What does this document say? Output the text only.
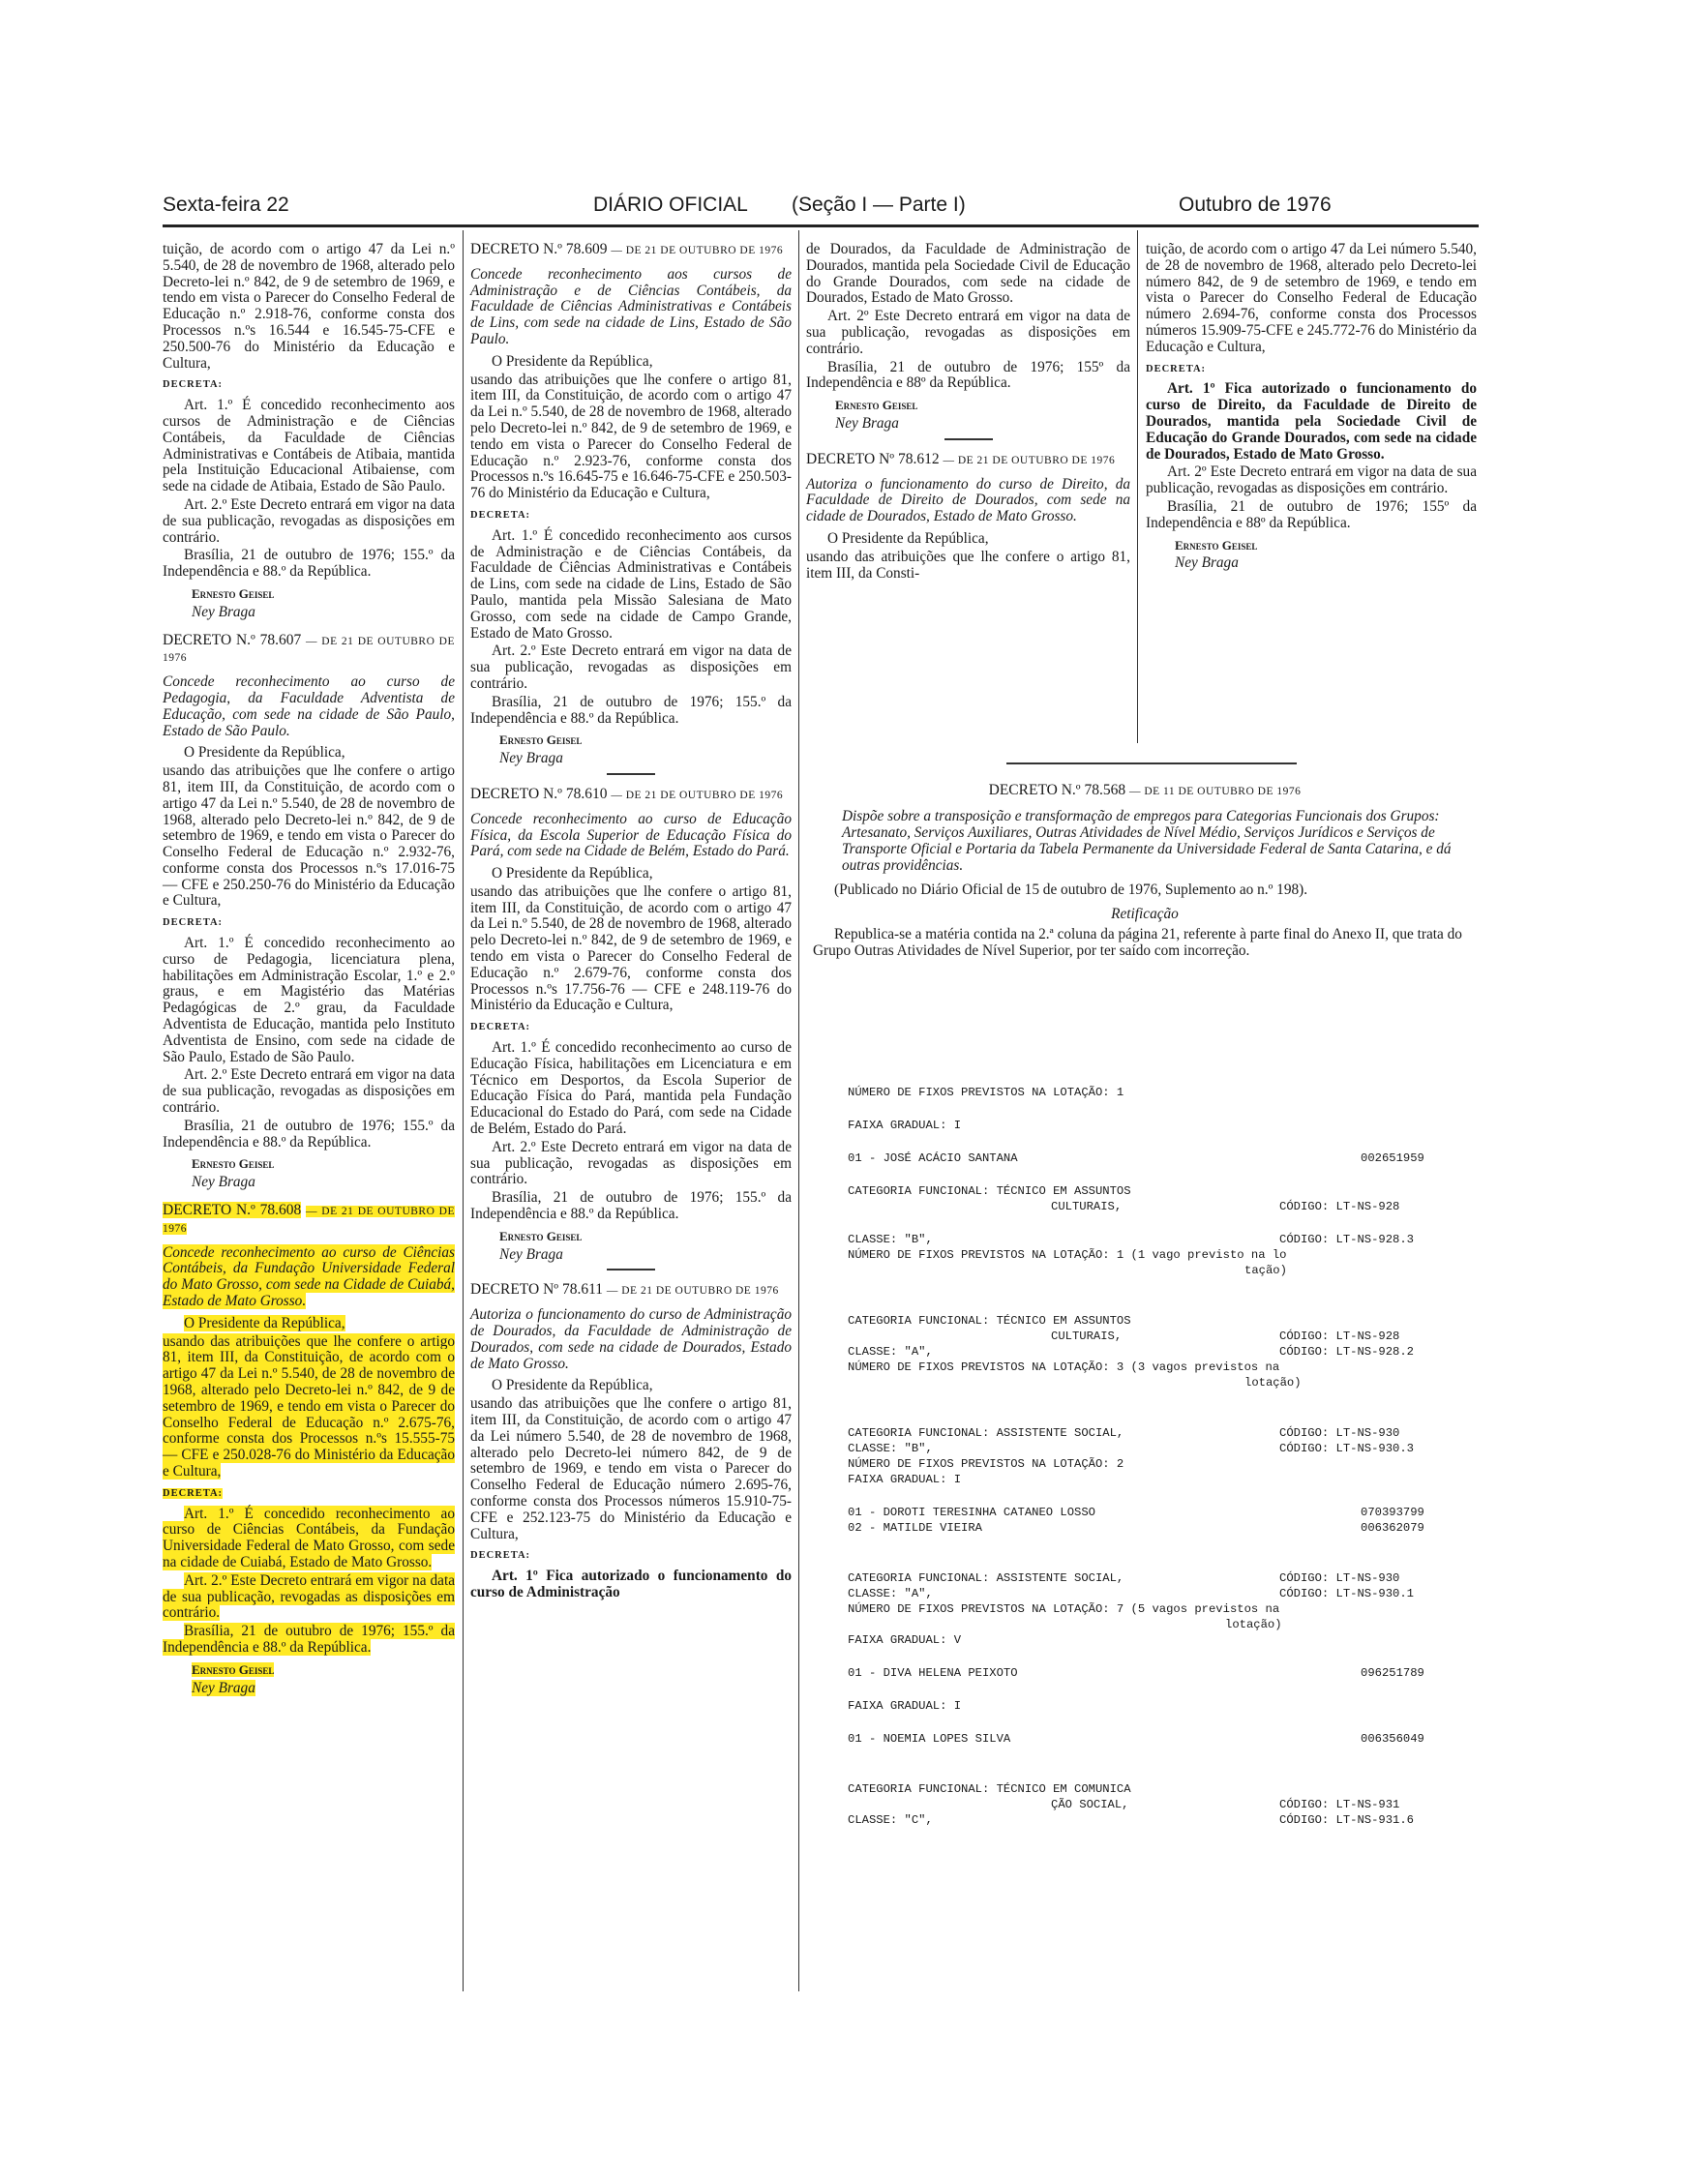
Sexta-feira 22	DIÁRIO OFICIAL (Seção I — Parte I)	Outubro de 1976

tuição, de acordo com o artigo 47 da Lei n.º 5.540, de 28 de novembro de 1968, alterado pelo Decreto-lei n.º 842, de 9 de setembro de 1969, e tendo em vista o Parecer do Conselho Federal de Educação n.º 2.918-76, conforme consta dos Processos n.ºs 16.544 e 16.545-75-CFE e 250.500-76 do Ministério da Educação e Cultura,

DECRETA:

Art. 1.º É concedido reconhecimento aos cursos de Administração e de Ciências Contábeis, da Faculdade de Ciências Administrativas e Contábeis de Atibaia, mantida pela Instituição Educacional Atibaiense, com sede na cidade de Atibaia, Estado de São Paulo.

Art. 2.º Este Decreto entrará em vigor na data de sua publicação, revogadas as disposições em contrário.

Brasília, 21 de outubro de 1976; 155.º da Independência e 88.º da República.

Ernesto Geisel

Ney Braga

DECRETO N.º 78.607 — DE 21 DE OUTUBRO DE 1976

Concede reconhecimento ao curso de Pedagogia, da Faculdade Adventista de Educação, com sede na cidade de São Paulo, Estado de São Paulo.

O Presidente da República,

usando das atribuições que lhe confere o artigo 81, item III, da Constituição, de acordo com o artigo 47 da Lei n.º 5.540, de 28 de novembro de 1968, alterado pelo Decreto-lei n.º 842, de 9 de setembro de 1969, e tendo em vista o Parecer do Conselho Federal de Educação n.º 2.932-76, conforme consta dos Processos n.ºs 17.016-75 — CFE e 250.250-76 do Ministério da Educação e Cultura,

DECRETA:

Art. 1.º É concedido reconhecimento ao curso de Pedagogia, licenciatura plena, habilitações em Administração Escolar, 1.º e 2.º graus, e em Magistério das Matérias Pedagógicas de 2.º grau, da Faculdade Adventista de Educação, mantida pelo Instituto Adventista de Ensino, com sede na cidade de São Paulo, Estado de São Paulo.

Art. 2.º Este Decreto entrará em vigor na data de sua publicação, revogadas as disposições em contrário.

Brasília, 21 de outubro de 1976; 155.º da Independência e 88.º da República.

Ernesto Geisel

Ney Braga

DECRETO N.º 78.608 — DE 21 DE OUTUBRO DE 1976

Concede reconhecimento ao curso de Ciências Contábeis, da Fundação Universidade Federal do Mato Grosso, com sede na Cidade de Cuiabá, Estado de Mato Grosso.

O Presidente da República,

usando das atribuições que lhe confere o artigo 81, item III, da Constituição, de acordo com o artigo 47 da Lei n.º 5.540, de 28 de novembro de 1968, alterado pelo Decreto-lei n.º 842, de 9 de setembro de 1969, e tendo em vista o Parecer do Conselho Federal de Educação n.º 2.675-76, conforme consta dos Processos n.ºs 15.555-75 — CFE e 250.028-76 do Ministério da Educação e Cultura,

DECRETA:

Art. 1.º É concedido reconhecimento ao curso de Ciências Contábeis, da Fundação Universidade Federal de Mato Grosso, com sede na cidade de Cuiabá, Estado de Mato Grosso.

Art. 2.º Este Decreto entrará em vigor na data de sua publicação, revogadas as disposições em contrário.

Brasília, 21 de outubro de 1976; 155.º da Independência e 88.º da República.

Ernesto Geisel

Ney Braga

DECRETO N.º 78.609 — DE 21 DE OUTUBRO DE 1976

Concede reconhecimento aos cursos de Administração e de Ciências Contábeis, da Faculdade de Ciências Administrativas e Contábeis de Lins, com sede na cidade de Lins, Estado de São Paulo.

O Presidente da República,

usando das atribuições que lhe confere o artigo 81, item III, da Constituição, de acordo com o artigo 47 da Lei n.º 5.540, de 28 de novembro de 1968, alterado pelo Decreto-lei n.º 842, de 9 de setembro de 1969, e tendo em vista o Parecer do Conselho Federal de Educação n.º 2.923-76, conforme consta dos Processos n.ºs 16.645-75 e 16.646-75-CFE e 250.503-76 do Ministério da Educação e Cultura,

DECRETA:

Art. 1.º É concedido reconhecimento aos cursos de Administração e de Ciências Contábeis, da Faculdade de Ciências Administrativas e Contábeis de Lins, com sede na cidade de Lins, Estado de São Paulo, mantida pela Missão Salesiana de Mato Grosso, com sede na cidade de Campo Grande, Estado de Mato Grosso.

Art. 2.º Este Decreto entrará em vigor na data de sua publicação, revogadas as disposições em contrário.

Brasília, 21 de outubro de 1976; 155.º da Independência e 88.º da República.

Ernesto Geisel

Ney Braga

DECRETO N.º 78.610 — DE 21 DE OUTUBRO DE 1976

Concede reconhecimento ao curso de Educação Física, da Escola Superior de Educação Física do Pará, com sede na Cidade de Belém, Estado do Pará.

O Presidente da República,

usando das atribuições que lhe confere o artigo 81, item III, da Constituição, de acordo com o artigo 47 da Lei n.º 5.540, de 28 de novembro de 1968, alterado pelo Decreto-lei n.º 842, de 9 de setembro de 1969, e tendo em vista o Parecer do Conselho Federal de Educação n.º 2.679-76, conforme consta dos Processos n.ºs 17.756-76 — CFE e 248.119-76 do Ministério da Educação e Cultura,

DECRETA:

Art. 1.º É concedido reconhecimento ao curso de Educação Física, habilitações em Licenciatura e em Técnico em Desportos, da Escola Superior de Educação Física do Pará, mantida pela Fundação Educacional do Estado do Pará, com sede na Cidade de Belém, Estado do Pará.

Art. 2.º Este Decreto entrará em vigor na data de sua publicação, revogadas as disposições em contrário.

Brasília, 21 de outubro de 1976; 155.º da Independência e 88.º da República.

Ernesto Geisel

Ney Braga

DECRETO Nº 78.611 — DE 21 DE OUTUBRO DE 1976

Autoriza o funcionamento do curso de Administração de Dourados, da Faculdade de Administração de Dourados, com sede na cidade de Dourados, Estado de Mato Grosso.

O Presidente da República,

usando das atribuições que lhe confere o artigo 81, item III, da Constituição, de acordo com o artigo 47 da Lei número 5.540, de 28 de novembro de 1968, alterado pelo Decreto-lei número 842, de 9 de setembro de 1969, e tendo em vista o Parecer do Conselho Federal de Educação número 2.695-76, conforme consta dos Processos números 15.910-75-CFE e 252.123-75 do Ministério da Educação e Cultura,

DECRETA:

Art. 1º Fica autorizado o funcionamento do curso de Administração

de Dourados, da Faculdade de Administração de Dourados, mantida pela Sociedade Civil de Educação do Grande Dourados, com sede na cidade de Dourados, Estado de Mato Grosso.

Art. 2º Este Decreto entrará em vigor na data de sua publicação, revogadas as disposições em contrário.

Brasília, 21 de outubro de 1976; 155º da Independência e 88º da República.

Ernesto Geisel

Ney Braga

DECRETO Nº 78.612 — DE 21 DE OUTUBRO DE 1976

Autoriza o funcionamento do curso de Direito, da Faculdade de Direito de Dourados, com sede na cidade de Dourados, Estado de Mato Grosso.

O Presidente da República,

usando das atribuições que lhe confere o artigo 81, item III, da Consti-

tuição, de acordo com o artigo 47 da Lei número 5.540, de 28 de novembro de 1968, alterado pelo Decreto-lei número 842, de 9 de setembro de 1969, e tendo em vista o Parecer do Conselho Federal de Educação número 2.694-76, conforme consta dos Processos números 15.909-75-CFE e 245.772-76 do Ministério da Educação e Cultura,

DECRETA:

Art. 1º Fica autorizado o funcionamento do curso de Direito, da Faculdade de Direito de Dourados, mantida pela Sociedade Civil de Educação do Grande Dourados, com sede na cidade de Dourados, Estado de Mato Grosso.

Art. 2º Este Decreto entrará em vigor na data de sua publicação, revogadas as disposições em contrário.

Brasília, 21 de outubro de 1976; 155º da Independência e 88º da República.

Ernesto Geisel

Ney Braga

DECRETO N.º 78.568 — DE 11 DE OUTUBRO DE 1976

Dispõe sobre a transposição e transformação de empregos para Categorias Funcionais dos Grupos: Artesanato, Serviços Auxiliares, Outras Atividades de Nível Médio, Serviços Jurídicos e Serviços de Transporte Oficial e Portaria da Tabela Permanente da Universidade Federal de Santa Catarina, e dá outras providências.

(Publicado no Diário Oficial de 15 de outubro de 1976, Suplemento ao n.º 198).

Retificação

Republica-se a matéria contida na 2.ª coluna da página 21, referente à parte final do Anexo II, que trata do Grupo Outras Atividades de Nível Superior, por ter saído com incorreção.

NÚMERO DE FIXOS PREVISTOS NA LOTAÇÃO: 1
FAIXA GRADUAL: I
01 - JOSÉ ACÁCIO SANTANA	002651959
CATEGORIA FUNCIONAL: TÉCNICO EM ASSUNTOS
CULTURAIS,	CÓDIGO: LT-NS-928
CLASSE: "B",	CÓDIGO: LT-NS-928.3
NÚMERO DE FIXOS PREVISTOS NA LOTAÇÃO: 1 (1 vago previsto na lo
tação)
CATEGORIA FUNCIONAL: TÉCNICO EM ASSUNTOS
CULTURAIS,	CÓDIGO: LT-NS-928
CLASSE: "A",	CÓDIGO: LT-NS-928.2
NÚMERO DE FIXOS PREVISTOS NA LOTAÇÃO: 3 (3 vagos previstos na
lotação)
CATEGORIA FUNCIONAL: ASSISTENTE SOCIAL,	CÓDIGO: LT-NS-930
CLASSE: "B",	CÓDIGO: LT-NS-930.3
NÚMERO DE FIXOS PREVISTOS NA LOTAÇÃO: 2
FAIXA GRADUAL: I
01 - DOROTI TERESINHA CATANEO LOSSO	070393799
02 - MATILDE VIEIRA	006362079
CATEGORIA FUNCIONAL: ASSISTENTE SOCIAL,	CÓDIGO: LT-NS-930
CLASSE: "A",	CÓDIGO: LT-NS-930.1
NÚMERO DE FIXOS PREVISTOS NA LOTAÇÃO: 7 (5 vagos previstos na
lotação)
FAIXA GRADUAL: V
01 - DIVA HELENA PEIXOTO	096251789
FAIXA GRADUAL: I
01 - NOEMIA LOPES SILVA	006356049
CATEGORIA FUNCIONAL: TÉCNICO EM COMUNICA
ÇÃO SOCIAL,	CÓDIGO: LT-NS-931
CLASSE: "C",	CÓDIGO: LT-NS-931.6
